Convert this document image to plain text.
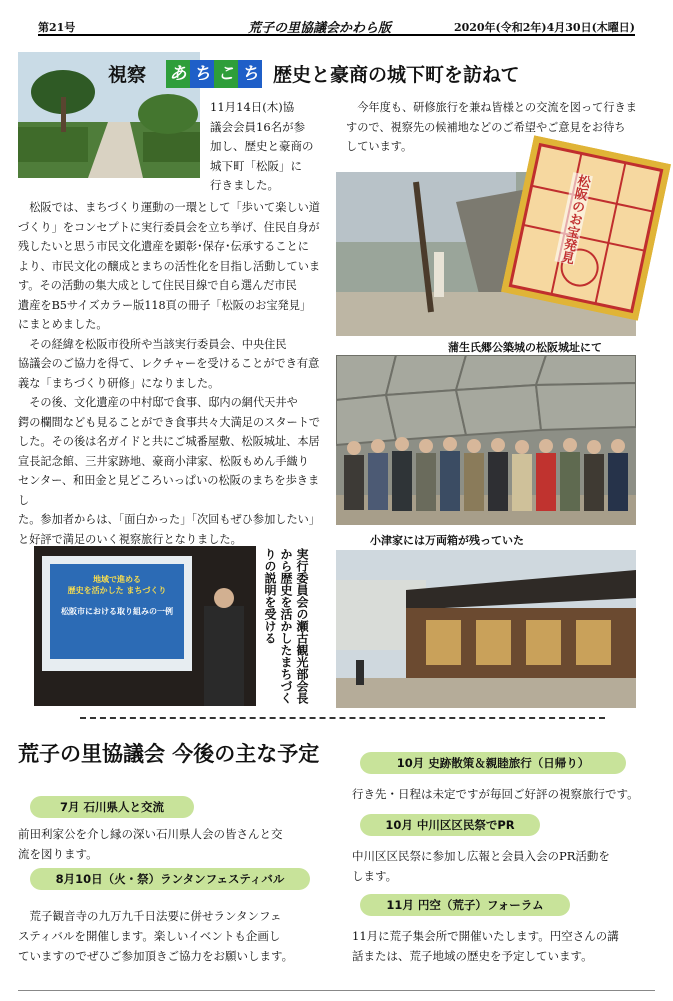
第21号	荒子の里協議会かわら版	2020年(令和2年)4月30日(木曜日)
視察 あ ち こ ち 歴史と豪商の城下町を訪ねて
11月14日(木)協
議会会員16名が参
加し、歴史と豪商の
城下町「松阪」に
行きました。
　松阪では、まちづくり運動の一環として「歩いて楽しい道
づくり」をコンセプトに実行委員会を立ち挙げ、住民自身が
残したいと思う市民文化遺産を顕彰･保存･伝承することに
より、市民文化の醸成とまちの活性化を目指し活動していま
す。その活動の集大成として住民目線で自ら選んだ市民
遺産をB5サイズカラー版118頁の冊子「松阪のお宝発見」
にまとめました。
　その経緯を松阪市役所や当該実行委員会、中央住民
協議会のご協力を得て、レクチャーを受けることができ有意
義な「まちづくり研修」になりました。
　その後、文化遺産の中村邸で食事、邸内の網代天井や
鍔の欄間なども見ることができ食事共々大満足のスタートで
した。その後は名ガイドと共にご城番屋敷、松阪城址、本居
宣長記念館、三井家跡地、豪商小津家、松阪もめん手織り
センター、和田金と見どころいっぱいの松阪のまちを歩きまし
た。参加者からは、「面白かった」「次回もぜひ参加したい」
と好評で満足のいく視察旅行となりました。
　今年度も、研修旅行を兼ね皆様との交流を図って行きま
すので、視察先の候補地などのご希望やご意見をお待ち
しています。
松阪のお宝発見
蒲生氏郷公築城の松阪城址にて
小津家には万両箱が残っていた
地域で進める
歴史を活かした まちづくり
松阪市における取り組みの一例	実行委員会の瀬古観光部会長
から歴史を活かしたまちづく
りの説明を受ける
荒子の里協議会 今後の主な予定
7月 石川県人と交流
前田利家公を介し縁の深い石川県人会の皆さんと交
流を図ります。
8月10日（火・祭）ランタンフェスティバル
　荒子観音寺の九万九千日法要に併せランタンフェ
スティバルを開催します。楽しいイベントも企画し
ていますのでぜひご参加頂きご協力をお願いします。
10月 史跡散策＆親睦旅行（日帰り）
行き先・日程は未定ですが毎回ご好評の視察旅行です。
10月 中川区区民祭でPR
中川区区民祭に参加し広報と会員入会のPR活動を
します。
11月 円空（荒子）フォーラム
11月に荒子集会所で開催いたします。円空さんの講
話または、荒子地域の歴史を予定しています。
